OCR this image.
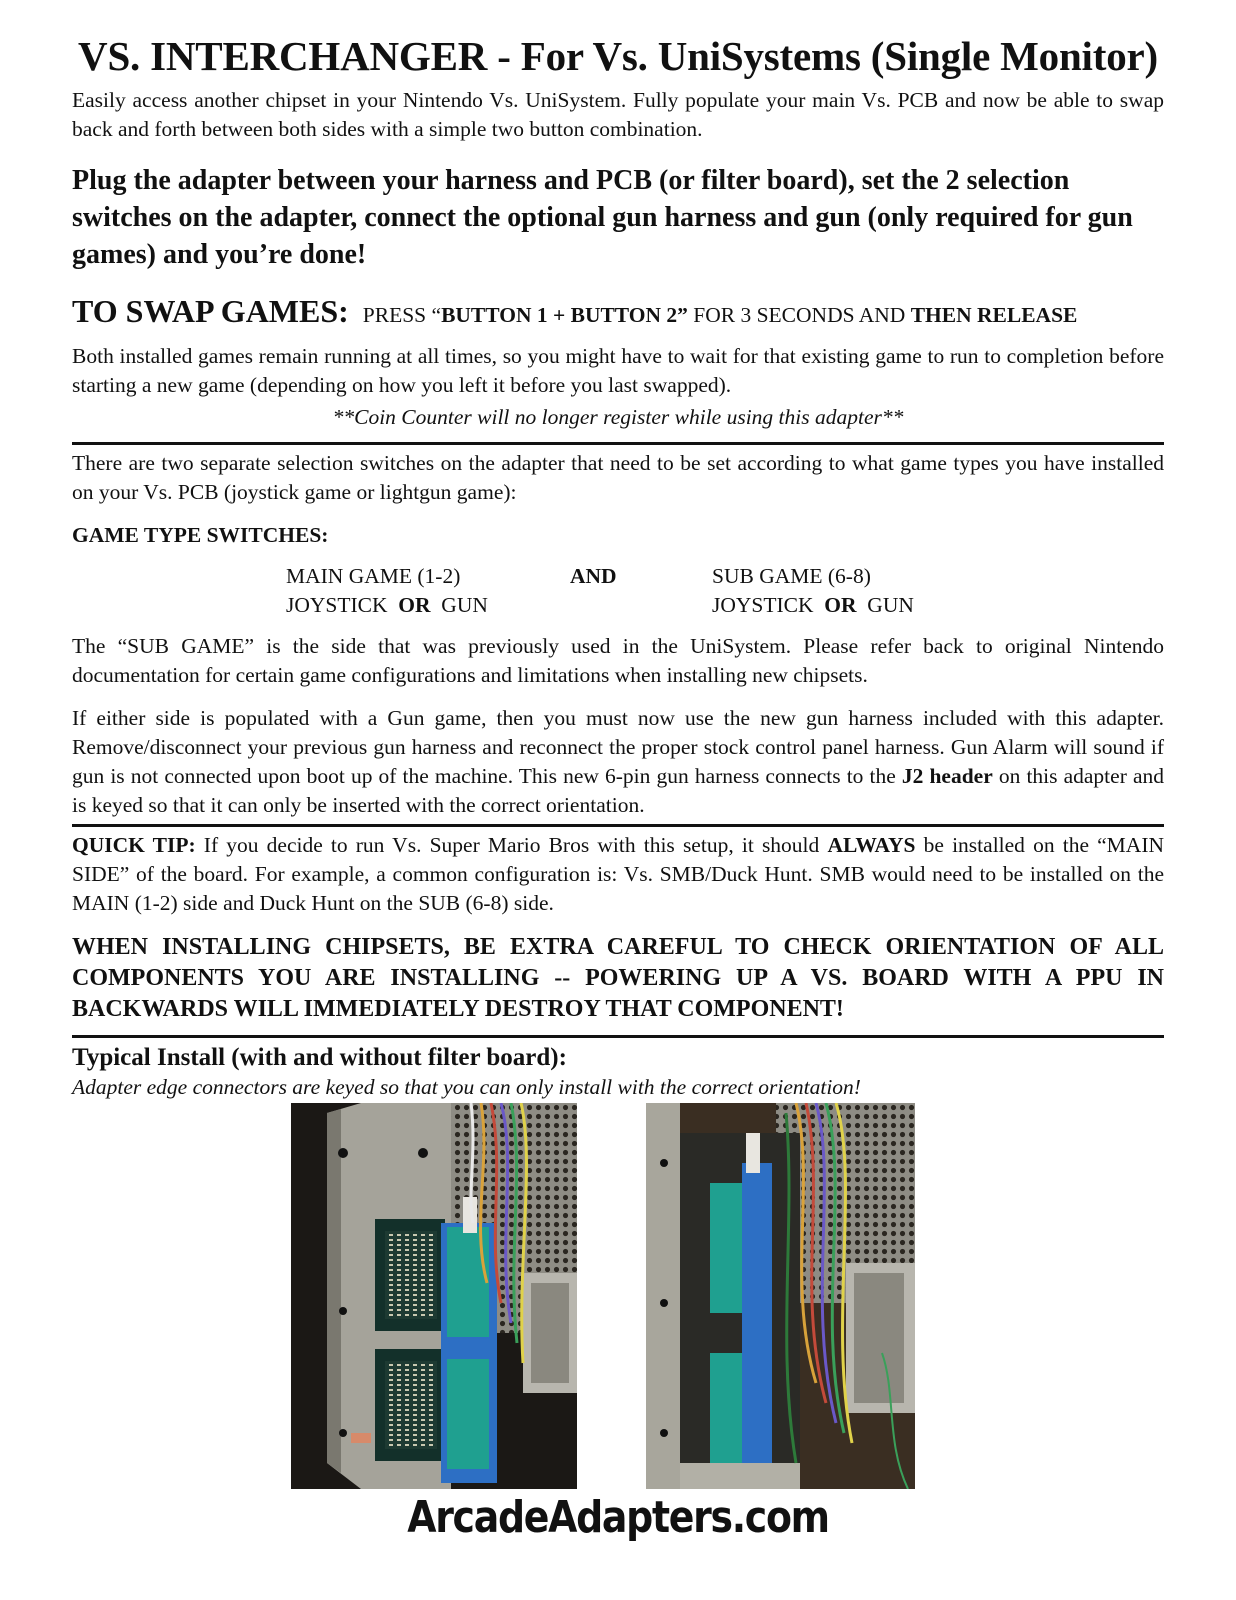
VS. INTERCHANGER - For Vs. UniSystems (Single Monitor)

Easily access another chipset in your Nintendo Vs. UniSystem. Fully populate your main Vs. PCB and now be able to swap back and forth between both sides with a simple two button combination.

Plug the adapter between your harness and PCB (or filter board), set the 2 selection switches on the adapter, connect the optional gun harness and gun (only required for gun games) and you’re done!

TO SWAP GAMES: PRESS “BUTTON 1 + BUTTON 2” FOR 3 SECONDS AND THEN RELEASE

Both installed games remain running at all times, so you might have to wait for that existing game to run to completion before starting a new game (depending on how you left it before you last swapped).

**Coin Counter will no longer register while using this adapter**

There are two separate selection switches on the adapter that need to be set according to what game types you have installed on your Vs. PCB (joystick game or lightgun game):

GAME TYPE SWITCHES:
MAIN GAME (1-2)	AND	SUB GAME (6-8)
JOYSTICK OR GUN	JOYSTICK OR GUN

The “SUB GAME” is the side that was previously used in the UniSystem. Please refer back to original Nintendo documentation for certain game configurations and limitations when installing new chipsets.

If either side is populated with a Gun game, then you must now use the new gun harness included with this adapter. Remove/disconnect your previous gun harness and reconnect the proper stock control panel harness. Gun Alarm will sound if gun is not connected upon boot up of the machine. This new 6-pin gun harness connects to the J2 header on this adapter and is keyed so that it can only be inserted with the correct orientation.

QUICK TIP: If you decide to run Vs. Super Mario Bros with this setup, it should ALWAYS be installed on the “MAIN SIDE” of the board. For example, a common configuration is: Vs. SMB/Duck Hunt. SMB would need to be installed on the MAIN (1-2) side and Duck Hunt on the SUB (6-8) side.

WHEN INSTALLING CHIPSETS, BE EXTRA CAREFUL TO CHECK ORIENTATION OF ALL COMPONENTS YOU ARE INSTALLING -- POWERING UP A VS. BOARD WITH A PPU IN BACKWARDS WILL IMMEDIATELY DESTROY THAT COMPONENT!

Typical Install (with and without filter board):
Adapter edge connectors are keyed so that you can only install with the correct orientation!
ArcadeAdapters.com
